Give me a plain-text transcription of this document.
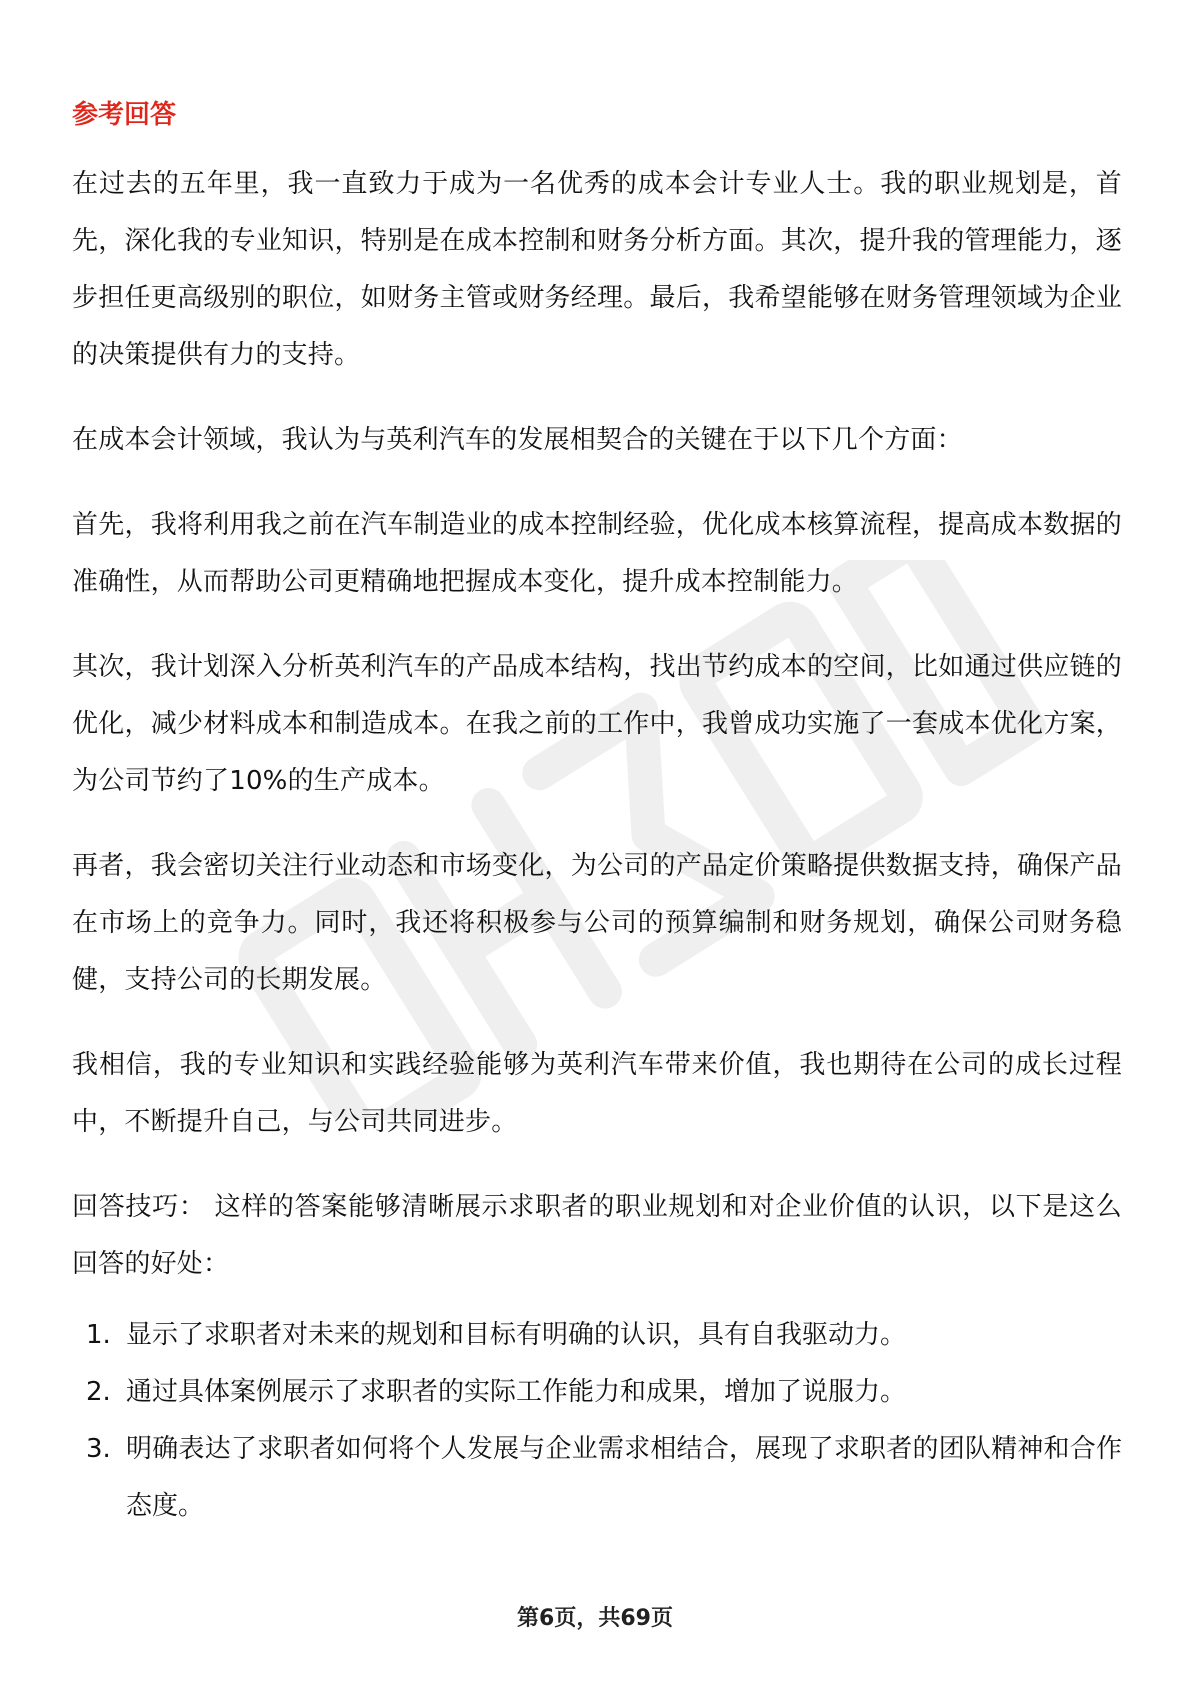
参考回答

在过去的五年里，我一直致力于成为一名优秀的成本会计专业人士。我的职业规划是，首先，深化我的专业知识，特别是在成本控制和财务分析方面。其次，提升我的管理能力，逐步担任更高级别的职位，如财务主管或财务经理。最后，我希望能够在财务管理领域为企业的决策提供有力的支持。

在成本会计领域，我认为与英利汽车的发展相契合的关键在于以下几个方面：

首先，我将利用我之前在汽车制造业的成本控制经验，优化成本核算流程，提高成本数据的准确性，从而帮助公司更精确地把握成本变化，提升成本控制能力。

其次，我计划深入分析英利汽车的产品成本结构，找出节约成本的空间，比如通过供应链的优化，减少材料成本和制造成本。在我之前的工作中，我曾成功实施了一套成本优化方案，为公司节约了10%的生产成本。

再者，我会密切关注行业动态和市场变化，为公司的产品定价策略提供数据支持，确保产品在市场上的竞争力。同时，我还将积极参与公司的预算编制和财务规划，确保公司财务稳健，支持公司的长期发展。

我相信，我的专业知识和实践经验能够为英利汽车带来价值，我也期待在公司的成长过程中，不断提升自己，与公司共同进步。

回答技巧： 这样的答案能够清晰展示求职者的职业规划和对企业价值的认识，以下是这么回答的好处：

1. 显示了求职者对未来的规划和目标有明确的认识，具有自我驱动力。
2. 通过具体案例展示了求职者的实际工作能力和成果，增加了说服力。
3. 明确表达了求职者如何将个人发展与企业需求相结合，展现了求职者的团队精神和合作态度。
第6页，共69页
